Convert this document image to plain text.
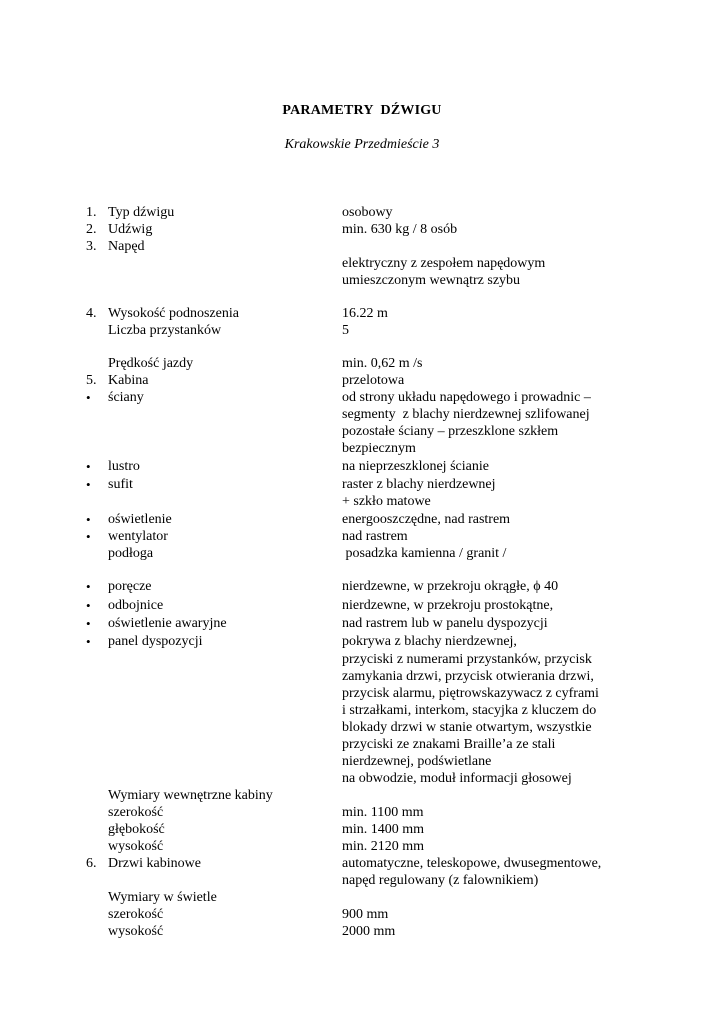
PARAMETRY  DŹWIGU
Krakowskie Przedmieście 3
1. Typ dźwigu	osobowy
2. Udźwig	min. 630 kg / 8 osób
3. Napęd
elektryczny z zespołem napędowym
umieszczonym wewnątrz szybu
4. Wysokość podnoszenia	16.22 m
Liczba przystanków	5
Prędkość jazdy	min. 0,62 m /s
5. Kabina	przelotowa
• ściany	od strony układu napędowego i prowadnic –
segmenty  z blachy nierdzewnej szlifowanej
pozostałe ściany – przeszklone szkłem
bezpiecznym
• lustro	na nieprzeszklonej ścianie
• sufit	raster z blachy nierdzewnej
+ szkło matowe
• oświetlenie	energooszczędne, nad rastrem
• wentylator	nad rastrem
podłoga	posadzka kamienna / granit /
• poręcze	nierdzewne, w przekroju okrągłe, ϕ 40
• odbojnice	nierdzewne, w przekroju prostokątne,
• oświetlenie awaryjne	nad rastrem lub w panelu dyspozycji
• panel dyspozycji	pokrywa z blachy nierdzewnej,
przyciski z numerami przystanków, przycisk
zamykania drzwi, przycisk otwierania drzwi,
przycisk alarmu, piętrowskazywacz z cyframi
i strzałkami, interkom, stacyjka z kluczem do
blokady drzwi w stanie otwartym, wszystkie
przyciski ze znakami Braille’a ze stali
nierdzewnej, podświetlane
na obwodzie, moduł informacji głosowej
Wymiary wewnętrzne kabiny
szerokość	min. 1100 mm
głębokość	min. 1400 mm
wysokość	min. 2120 mm
6. Drzwi kabinowe	automatyczne, teleskopowe, dwusegmentowe,
napęd regulowany (z falownikiem)
Wymiary w świetle
szerokość	900 mm
wysokość	2000 mm
